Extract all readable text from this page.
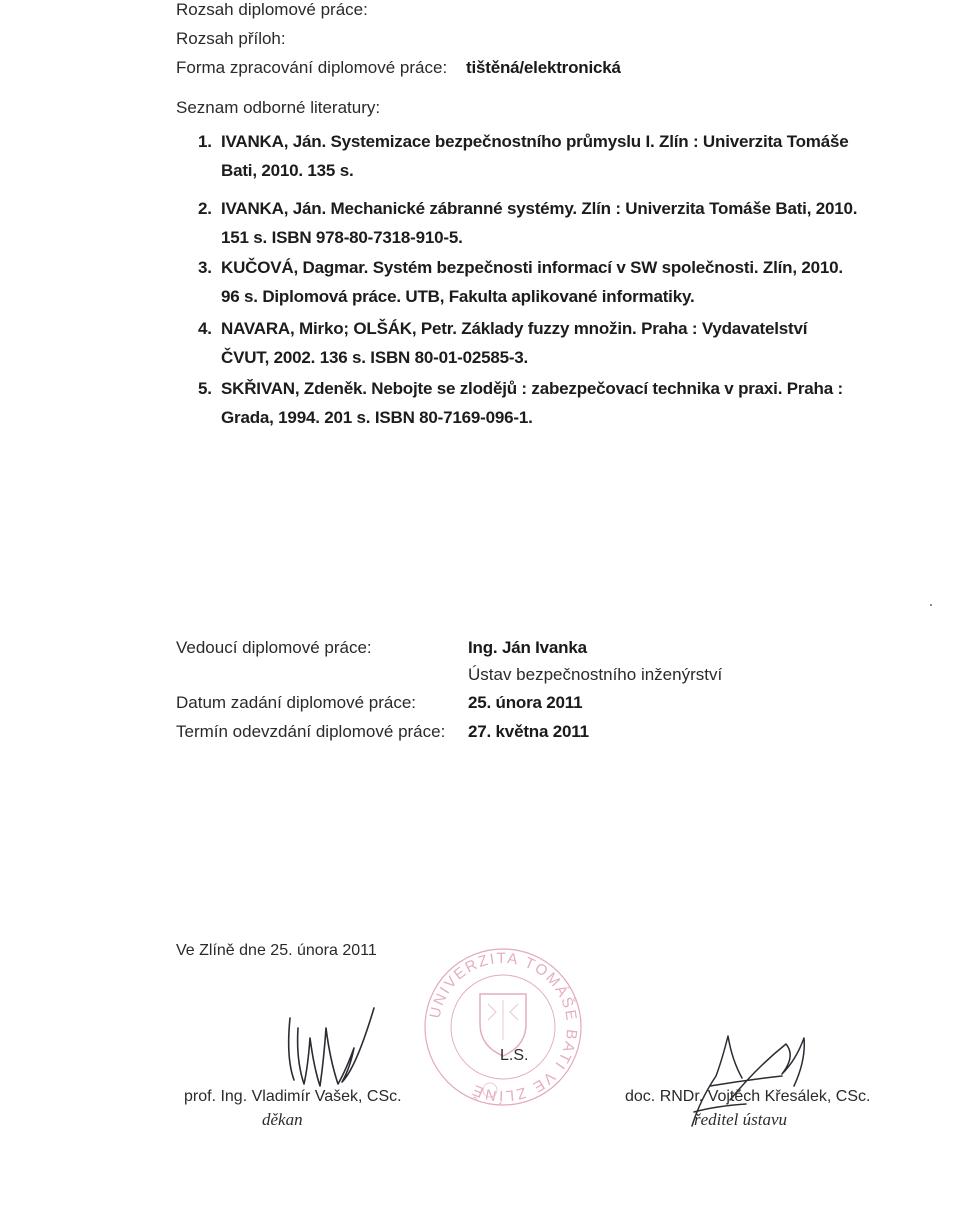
Rozsah diplomové práce:
Rozsah příloh:
Forma zpracování diplomové práce: tištěná/elektronická
Seznam odborné literatury:
1. IVANKA, Ján. Systemizace bezpečnostního průmyslu I. Zlín : Univerzita Tomáše Bati, 2010. 135 s.
2. IVANKA, Ján. Mechanické zábranné systémy. Zlín : Univerzita Tomáše Bati, 2010. 151 s. ISBN 978-80-7318-910-5.
3. KUČOVÁ, Dagmar. Systém bezpečnosti informací v SW společnosti. Zlín, 2010. 96 s. Diplomová práce. UTB, Fakulta aplikované informatiky.
4. NAVARA, Mirko; OLŠÁK, Petr. Základy fuzzy množin. Praha : Vydavatelství ČVUT, 2002. 136 s. ISBN 80-01-02585-3.
5. SKŘIVAN, Zdeněk. Nebojte se zlodějů : zabezpečovací technika v praxi. Praha : Grada, 1994. 201 s. ISBN 80-7169-096-1.
Vedoucí diplomové práce:	Ing. Ján Ivanka
Ústav bezpečnostního inženýrství
Datum zadání diplomové práce:	25. února 2011
Termín odevzdání diplomové práce: 27. května 2011
Ve Zlíně dne 25. února 2011
UNIVERZITA TOMÁŠE BATI VE ZLÍNĚ
L.S.
prof. Ing. Vladimír Vašek, CSc.
děkan
doc. RNDr. Vojtěch Křesálek, CSc.
ředitel ústavu
